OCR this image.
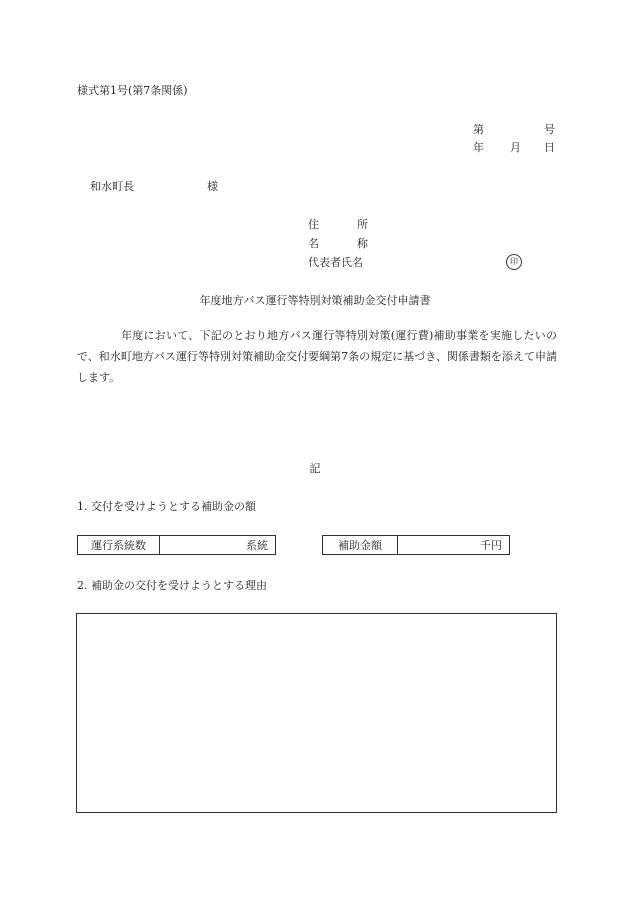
様式第1号(第7条関係)
第	号
年 月 日
和水町長	様
住所
名称
代表者氏名	印
年度地方バス運行等特別対策補助金交付申請書
年度において、下記のとおり地方バス運行等特別対策(運行費)補助事業を実施したいので、和水町地方バス運行等特別対策補助金交付要綱第7条の規定に基づき、関係書類を添えて申請します。
記
1. 交付を受けようとする補助金の額
運行系統数	系統	補助金額	千円
2. 補助金の交付を受けようとする理由
